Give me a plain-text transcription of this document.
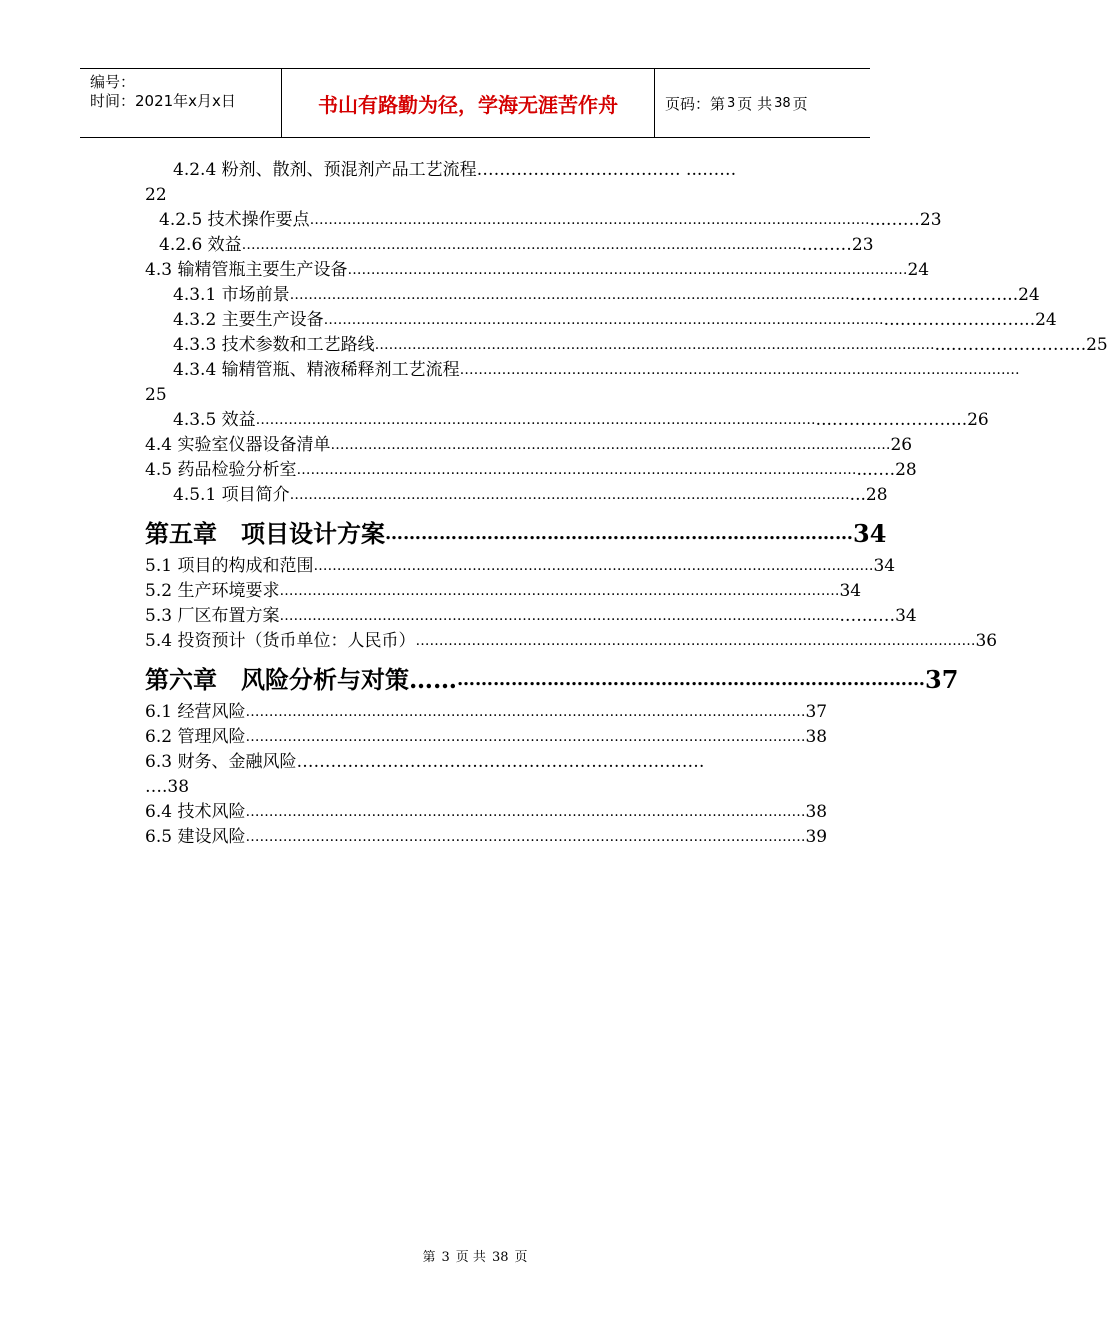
编号：
时间：2021年x月x日	书山有路勤为径，学海无涯苦作舟	页码：第 3 页 共 38 页
4.2.4 粉剂、散剂、预混剂产品工艺流程……………………………… ...……
22
4.2.5 技术操作要点 ………………………………………………………………………………………………………… ...……23
4.2.6 效益 ………………………………………………………………………………………………………… ...……23
4.3 输精管瓶主要生产设备 ………………………………………………………………………………………………………… 24
4.3.1 市场前景 ………………………………………………………………………………………………………… ...……………………...24
4.3.2 主要生产设备 ………………………………………………………………………………………………………… ...…………………...24
4.3.3 技术参数和工艺路线 ………………………………………………………………………………………………………… ...…………………...25
4.3.4 输精管瓶、精液稀释剂工艺流程 …………………………………………………………………………………………………………
25
4.3.5 效益 ………………………………………………………………………………………………………… ...…………………...26
4.4 实验室仪器设备清单 ………………………………………………………………………………………………………… 26
4.5 药品检验分析室 ………………………………………………………………………………………………………… ...….28
4.5.1 项目简介 ………………………………………………………………………………………………………… ...28
第五章　项目设计方案 …………………………………………………………………… 34
5.1 项目的构成和范围 ………………………………………………………………………………………………………… 34
5.2 生产环境要求 ………………………………………………………………………………………………………… 34
5.3 厂区布置方案 ………………………………………………………………………………………………………… .…...…34
5.4 投资预计（货币单位：人民币） ………………………………………………………………………………………………………… 36
第六章　风险分析与对策…… …………………………………………………………………… 37
6.1 经营风险 ………………………………………………………………………………………………………… 37
6.2 管理风险 ………………………………………………………………………………………………………… 38
6.3 财务、金融风险………………………………………………………………
….38
6.4 技术风险 ………………………………………………………………………………………………………… 38
6.5 建设风险 ………………………………………………………………………………………………………… 39
第 3 页 共 38 页
